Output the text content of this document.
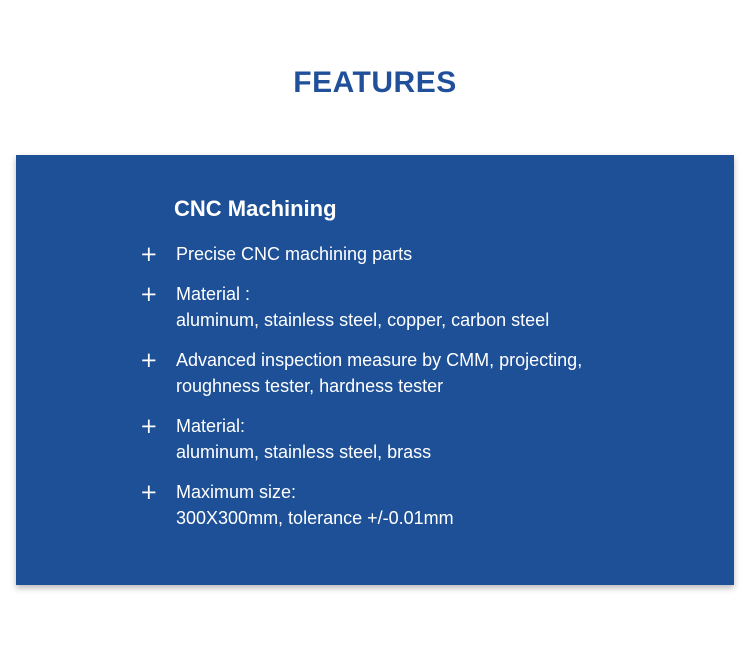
FEATURES
CNC Machining
+ Precise CNC machining parts
+ Material :
aluminum, stainless steel, copper, carbon steel
+ Advanced inspection measure by CMM, projecting,
roughness tester, hardness tester
+ Material:
aluminum, stainless steel, brass
+ Maximum size:
300X300mm, tolerance +/-0.01mm
